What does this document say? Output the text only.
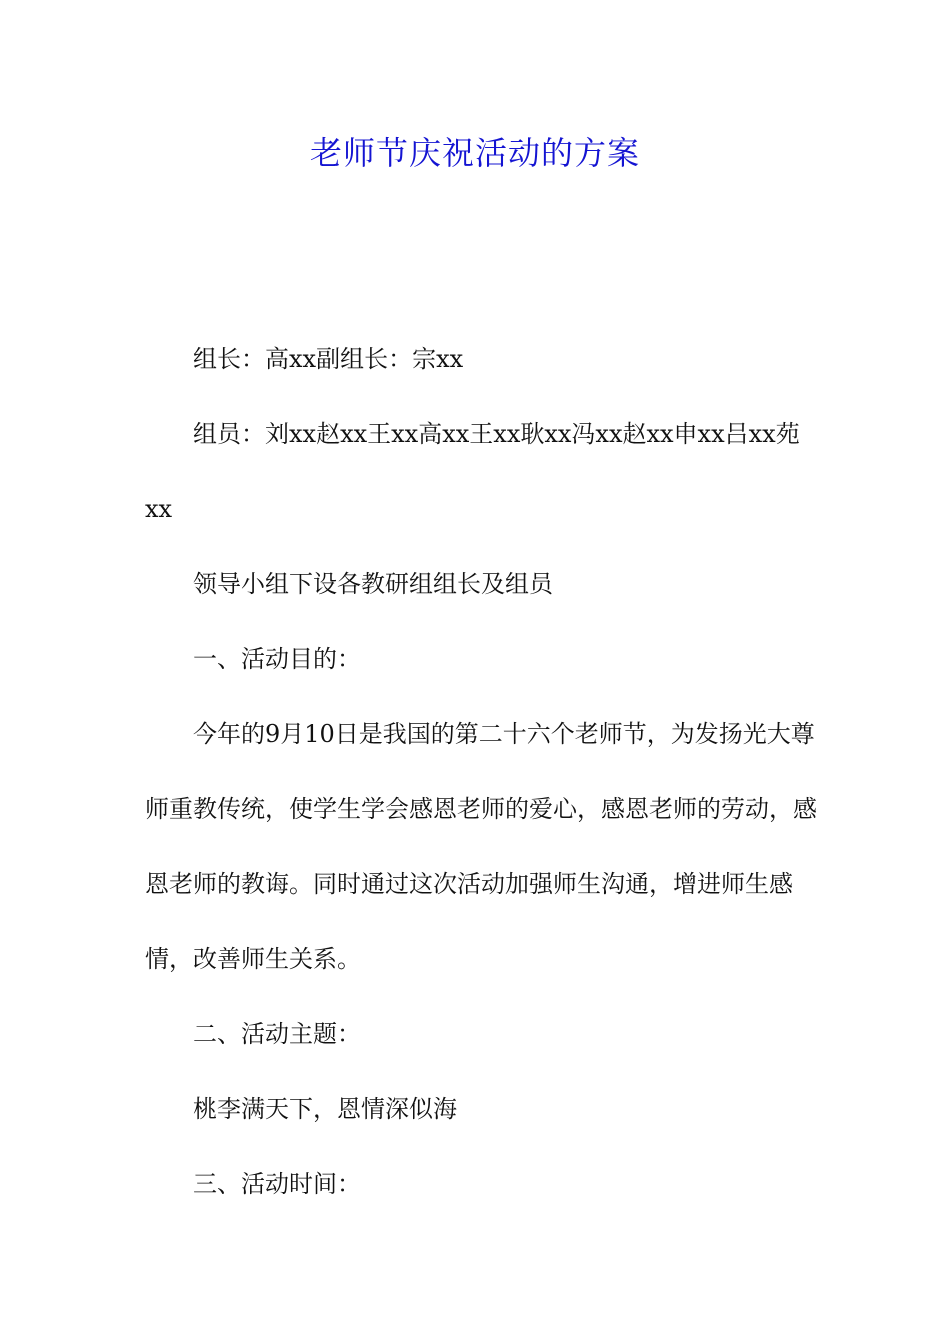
老师节庆祝活动的方案

组长：高xx副组长：宗xx

组员：刘xx赵xx王xx高xx王xx耿xx冯xx赵xx申xx吕xx苑xx

领导小组下设各教研组组长及组员

一、活动目的：

今年的9月10日是我国的第二十六个老师节，为发扬光大尊师重教传统，使学生学会感恩老师的爱心，感恩老师的劳动，感恩老师的教诲。同时通过这次活动加强师生沟通，增进师生感情，改善师生关系。

二、活动主题：

桃李满天下，恩情深似海

三、活动时间：
